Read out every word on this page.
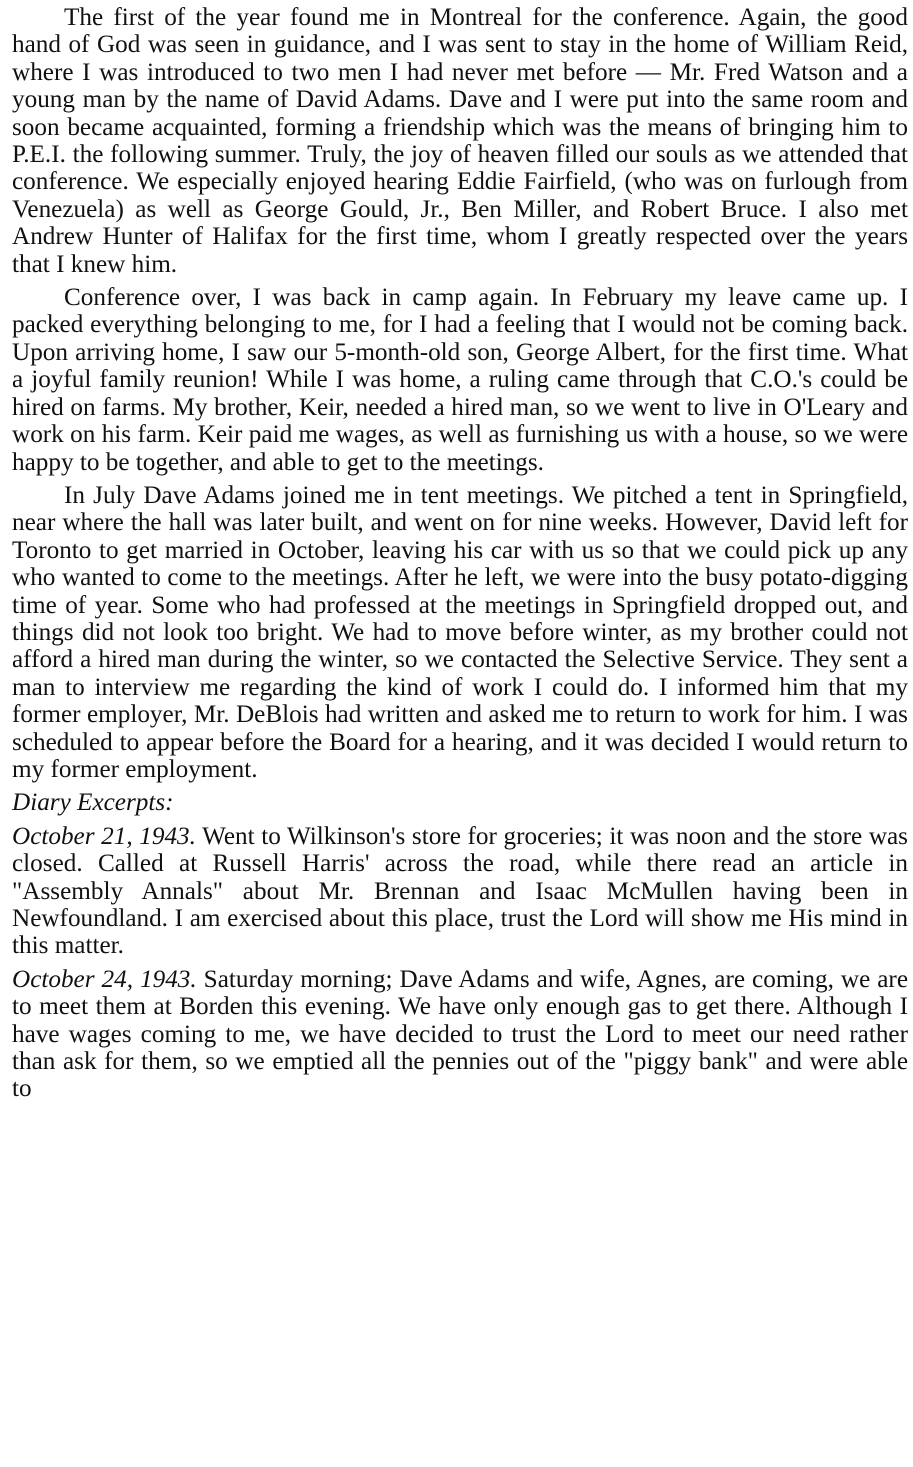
The first of the year found me in Montreal for the conference. Again, the good hand of God was seen in guidance, and I was sent to stay in the home of William Reid, where I was introduced to two men I had never met before — Mr. Fred Watson and a young man by the name of David Adams. Dave and I were put into the same room and soon became acquainted, forming a friendship which was the means of bringing him to P.E.I. the following summer. Truly, the joy of heaven filled our souls as we attended that conference. We especially enjoyed hearing Eddie Fairfield, (who was on furlough from Venezuela) as well as George Gould, Jr., Ben Miller, and Robert Bruce. I also met Andrew Hunter of Halifax for the first time, whom I greatly respected over the years that I knew him.

Conference over, I was back in camp again. In February my leave came up. I packed everything belonging to me, for I had a feeling that I would not be coming back. Upon arriving home, I saw our 5-month-old son, George Albert, for the first time. What a joyful family reunion! While I was home, a ruling came through that C.O.'s could be hired on farms. My brother, Keir, needed a hired man, so we went to live in O'Leary and work on his farm. Keir paid me wages, as well as furnishing us with a house, so we were happy to be together, and able to get to the meetings.

In July Dave Adams joined me in tent meetings. We pitched a tent in Springfield, near where the hall was later built, and went on for nine weeks. However, David left for Toronto to get married in October, leaving his car with us so that we could pick up any who wanted to come to the meetings. After he left, we were into the busy potato-digging time of year. Some who had professed at the meetings in Springfield dropped out, and things did not look too bright. We had to move before winter, as my brother could not afford a hired man during the winter, so we contacted the Selective Service. They sent a man to interview me regarding the kind of work I could do. I informed him that my former employer, Mr. DeBlois had written and asked me to return to work for him. I was scheduled to appear before the Board for a hearing, and it was decided I would return to my former employment.

Diary Excerpts:

October 21, 1943. Went to Wilkinson's store for groceries; it was noon and the store was closed. Called at Russell Harris' across the road, while there read an article in "Assembly Annals" about Mr. Brennan and Isaac McMullen having been in Newfoundland. I am exercised about this place, trust the Lord will show me His mind in this matter.

October 24, 1943. Saturday morning; Dave Adams and wife, Agnes, are coming, we are to meet them at Borden this evening. We have only enough gas to get there. Although I have wages coming to me, we have decided to trust the Lord to meet our need rather than ask for them, so we emptied all the pennies out of the "piggy bank" and were able to
